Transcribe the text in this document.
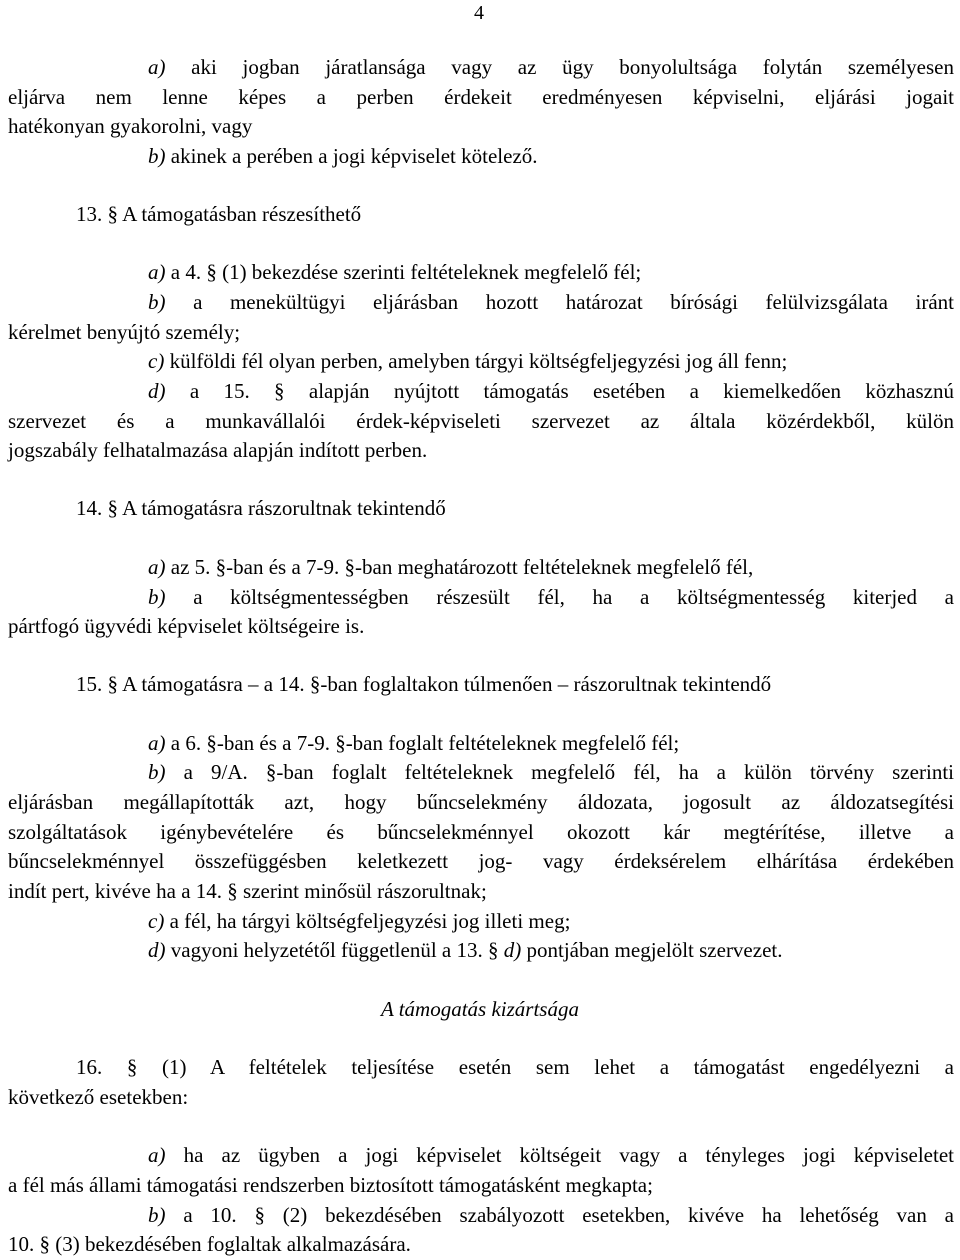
4
a) aki jogban járatlansága vagy az ügy bonyolultsága folytán személyesen
eljárva nem lenne képes a perben érdekeit eredményesen képviselni, eljárási jogait
hatékonyan gyakorolni, vagy
b) akinek a perében a jogi képviselet kötelező.
13. § A támogatásban részesíthető
a) a 4. § (1) bekezdése szerinti feltételeknek megfelelő fél;
b) a menekültügyi eljárásban hozott határozat bírósági felülvizsgálata iránt
kérelmet benyújtó személy;
c) külföldi fél olyan perben, amelyben tárgyi költségfeljegyzési jog áll fenn;
d) a 15. § alapján nyújtott támogatás esetében a kiemelkedően közhasznú
szervezet és a munkavállalói érdek-képviseleti szervezet az általa közérdekből, külön
jogszabály felhatalmazása alapján indított perben.
14. § A támogatásra rászorultnak tekintendő
a) az 5. §-ban és a 7-9. §-ban meghatározott feltételeknek megfelelő fél,
b) a költségmentességben részesült fél, ha a költségmentesség kiterjed a
pártfogó ügyvédi képviselet költségeire is.
15. § A támogatásra – a 14. §-ban foglaltakon túlmenően – rászorultnak tekintendő
a) a 6. §-ban és a 7-9. §-ban foglalt feltételeknek megfelelő fél;
b) a 9/A. §-ban foglalt feltételeknek megfelelő fél, ha a külön törvény szerinti
eljárásban megállapították azt, hogy bűncselekmény áldozata, jogosult az áldozatsegítési
szolgáltatások igénybevételére és bűncselekménnyel okozott kár megtérítése, illetve a
bűncselekménnyel összefüggésben keletkezett jog- vagy érdeksérelem elhárítása érdekében
indít pert, kivéve ha a 14. § szerint minősül rászorultnak;
c) a fél, ha tárgyi költségfeljegyzési jog illeti meg;
d) vagyoni helyzetétől függetlenül a 13. § d) pontjában megjelölt szervezet.
A támogatás kizártsága
16. § (1) A feltételek teljesítése esetén sem lehet a támogatást engedélyezni a
következő esetekben:
a) ha az ügyben a jogi képviselet költségeit vagy a tényleges jogi képviseletet
a fél más állami támogatási rendszerben biztosított támogatásként megkapta;
b) a 10. § (2) bekezdésében szabályozott esetekben, kivéve ha lehetőség van a
10. § (3) bekezdésében foglaltak alkalmazására.
